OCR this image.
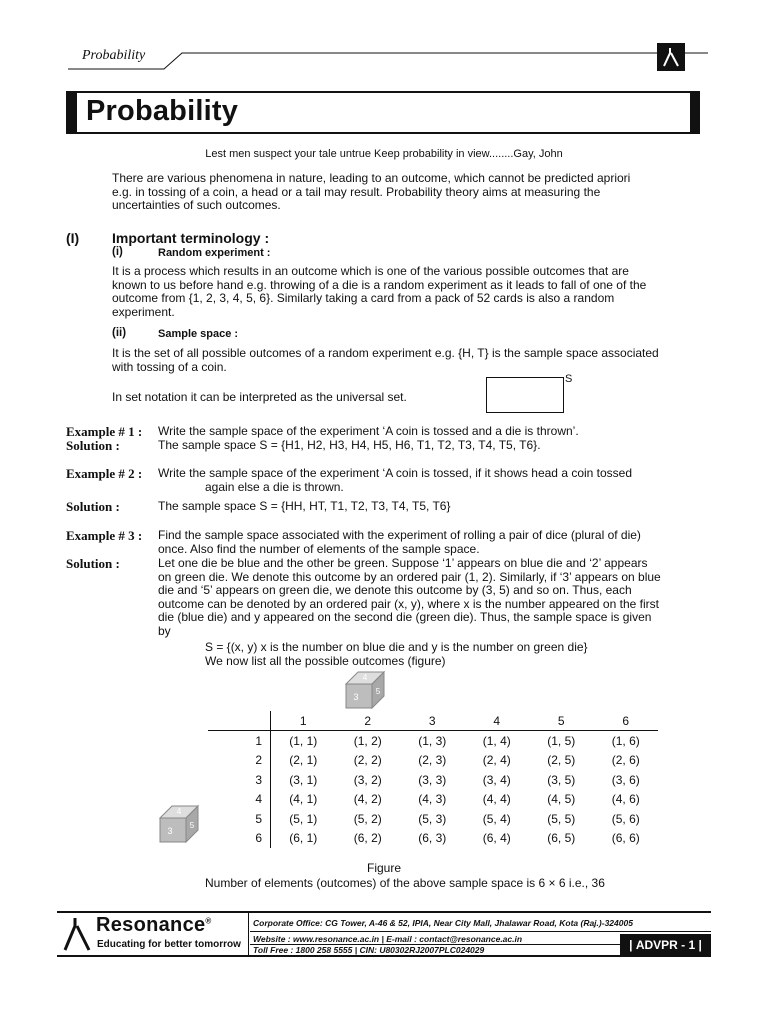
Probability
Probability
Lest men suspect your tale untrue Keep probability in view........Gay, John

There are various phenomena in nature, leading to an outcome, which cannot be predicted apriori

e.g. in tossing of a coin, a head or a tail may result. Probability theory aims at measuring the

uncertainties of such outcomes.

(I) Important terminology :
(i)	Random experiment :

It is a process which results in an outcome which is one of the various possible outcomes that are

known to us before hand e.g. throwing of a die is a random experiment as it leads to fall of one of the

outcome from {1, 2, 3, 4, 5, 6}. Similarly taking a card from a pack of 52 cards is also a random

experiment.

(ii)	Sample space :

It is the set of all possible outcomes of a random experiment e.g. {H, T} is the sample space associated

with tossing of a coin.

In set notation it can be interpreted as the universal set.

S
Example # 1 : Write the sample space of the experiment ‘A coin is tossed and a die is thrown’.

Solution :	The sample space S = {H1, H2, H3, H4, H5, H6, T1, T2, T3, T4, T5, T6}.

Example # 2 : Write the sample space of the experiment ‘A coin is tossed, if it shows head a coin tossed

again else a die is thrown.

Solution :	The sample space S = {HH, HT, T1, T2, T3, T4, T5, T6}

Example # 3 : Find the sample space associated with the experiment of rolling a pair of dice (plural of die)

once. Also find the number of elements of the sample space.

Solution :	Let one die be blue and the other be green. Suppose ‘1’ appears on blue die and ‘2’ appears

on green die. We denote this outcome by an ordered pair (1, 2). Similarly, if ‘3’ appears on blue

die and ‘5’ appears on green die, we denote this outcome by (3, 5) and so on. Thus, each

outcome can be denoted by an ordered pair (x, y), where x is the number appeared on the first

die (blue die) and y appeared on the second die (green die). Thus, the sample space is given

by

S = {(x, y) x is the number on blue die and y is the number on green die}

We now list all the possible outcomes (figure)

4
3
5
4
3
5
	1	2	3	4	5	6
1	(1, 1)	(1, 2)	(1, 3)	(1, 4)	(1, 5)	(1, 6)
2	(2, 1)	(2, 2)	(2, 3)	(2, 4)	(2, 5)	(2, 6)
3	(3, 1)	(3, 2)	(3, 3)	(3, 4)	(3, 5)	(3, 6)
4	(4, 1)	(4, 2)	(4, 3)	(4, 4)	(4, 5)	(4, 6)
5	(5, 1)	(5, 2)	(5, 3)	(5, 4)	(5, 5)	(5, 6)
6	(6, 1)	(6, 2)	(6, 3)	(6, 4)	(6, 5)	(6, 6)

Figure

Number of elements (outcomes) of the above sample space is 6 × 6 i.e., 36

Resonance®
Educating for better tomorrow
Corporate Office: CG Tower, A-46 & 52, IPIA, Near City Mall, Jhalawar Road, Kota (Raj.)-324005
Website : www.resonance.ac.in | E-mail : contact@resonance.ac.in
Toll Free : 1800 258 5555 | CIN: U80302RJ2007PLC024029	| ADVPR - 1 |
